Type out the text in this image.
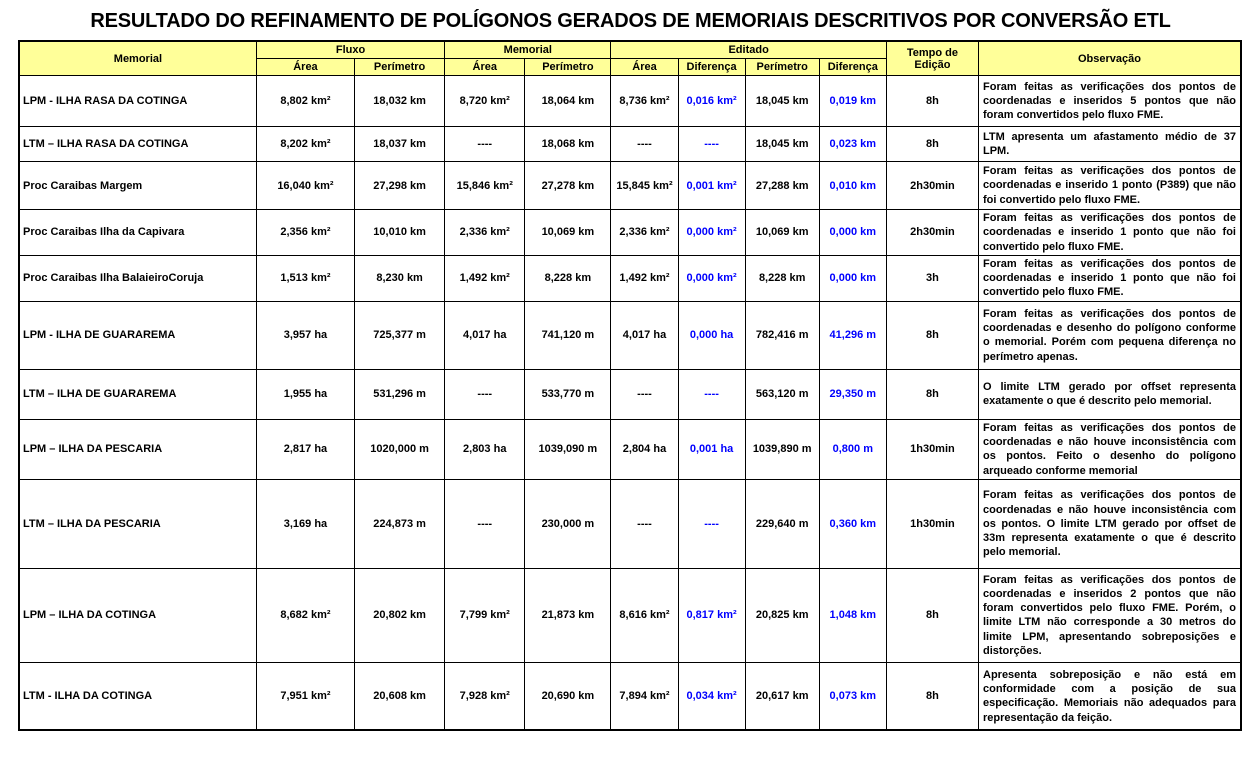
RESULTADO DO REFINAMENTO DE POLÍGONOS GERADOS DE MEMORIAIS DESCRITIVOS POR CONVERSÃO ETL
Memorial	Fluxo		Memorial		Editado				Tempo de Edição	Observação
	Área	Perímetro	Área	Perímetro	Área	Diferença	Perímetro	Diferença		
LPM - ILHA RASA DA COTINGA	8,802 km²	18,032 km	8,720 km²	18,064 km	8,736 km²	0,016 km²	18,045 km	0,019 km	8h	Foram feitas as verificações dos pontos de coordenadas e inseridos 5 pontos que não foram convertidos pelo fluxo FME.
LTM – ILHA RASA DA COTINGA	8,202 km²	18,037 km	----	18,068 km	----	----	18,045 km	0,023 km	8h	LTM apresenta um afastamento médio de 37 LPM.
Proc Caraibas Margem	16,040 km²	27,298 km	15,846 km²	27,278 km	15,845 km²	0,001 km²	27,288 km	0,010 km	2h30min	Foram feitas as verificações dos pontos de coordenadas e inserido 1 ponto (P389) que não foi convertido pelo fluxo FME.
Proc Caraibas Ilha da Capivara	2,356 km²	10,010 km	2,336 km²	10,069 km	2,336 km²	0,000 km²	10,069 km	0,000 km	2h30min	Foram feitas as verificações dos pontos de coordenadas e inserido 1 ponto que não foi convertido pelo fluxo FME.
Proc Caraibas Ilha BalaieiroCoruja	1,513 km²	8,230 km	1,492 km²	8,228 km	1,492 km²	0,000 km²	8,228 km	0,000 km	3h	Foram feitas as verificações dos pontos de coordenadas e inserido 1 ponto que não foi convertido pelo fluxo FME.
LPM - ILHA DE GUARAREMA	3,957 ha	725,377 m	4,017 ha	741,120 m	4,017 ha	0,000 ha	782,416 m	41,296 m	8h	Foram feitas as verificações dos pontos de coordenadas e desenho do polígono conforme o memorial. Porém com pequena diferença no perímetro apenas.
LTM – ILHA DE GUARAREMA	1,955 ha	531,296 m	----	533,770 m	----	----	563,120 m	29,350 m	8h	O limite LTM gerado por offset representa exatamente o que é descrito pelo memorial.
LPM – ILHA DA PESCARIA	2,817 ha	1020,000 m	2,803 ha	1039,090 m	2,804 ha	0,001 ha	1039,890 m	0,800 m	1h30min	Foram feitas as verificações dos pontos de coordenadas e não houve inconsistência com os pontos. Feito o desenho do polígono arqueado conforme memorial
LTM – ILHA DA PESCARIA	3,169 ha	224,873 m	----	230,000 m	----	----	229,640 m	0,360 km	1h30min	Foram feitas as verificações dos pontos de coordenadas e não houve inconsistência com os pontos. O limite LTM gerado por offset de 33m representa exatamente o que é descrito pelo memorial.
LPM – ILHA DA COTINGA	8,682 km²	20,802 km	7,799 km²	21,873 km	8,616 km²	0,817 km²	20,825 km	1,048 km	8h	Foram feitas as verificações dos pontos de coordenadas e inseridos 2 pontos que não foram convertidos pelo fluxo FME. Porém, o limite LTM não corresponde a 30 metros do limite LPM, apresentando sobreposições e distorções.
LTM - ILHA DA COTINGA	7,951 km²	20,608 km	7,928 km²	20,690 km	7,894 km²	0,034 km²	20,617 km	0,073 km	8h	Apresenta sobreposição e não está em conformidade com a posição de sua especificação. Memoriais não adequados para representação da feição.
